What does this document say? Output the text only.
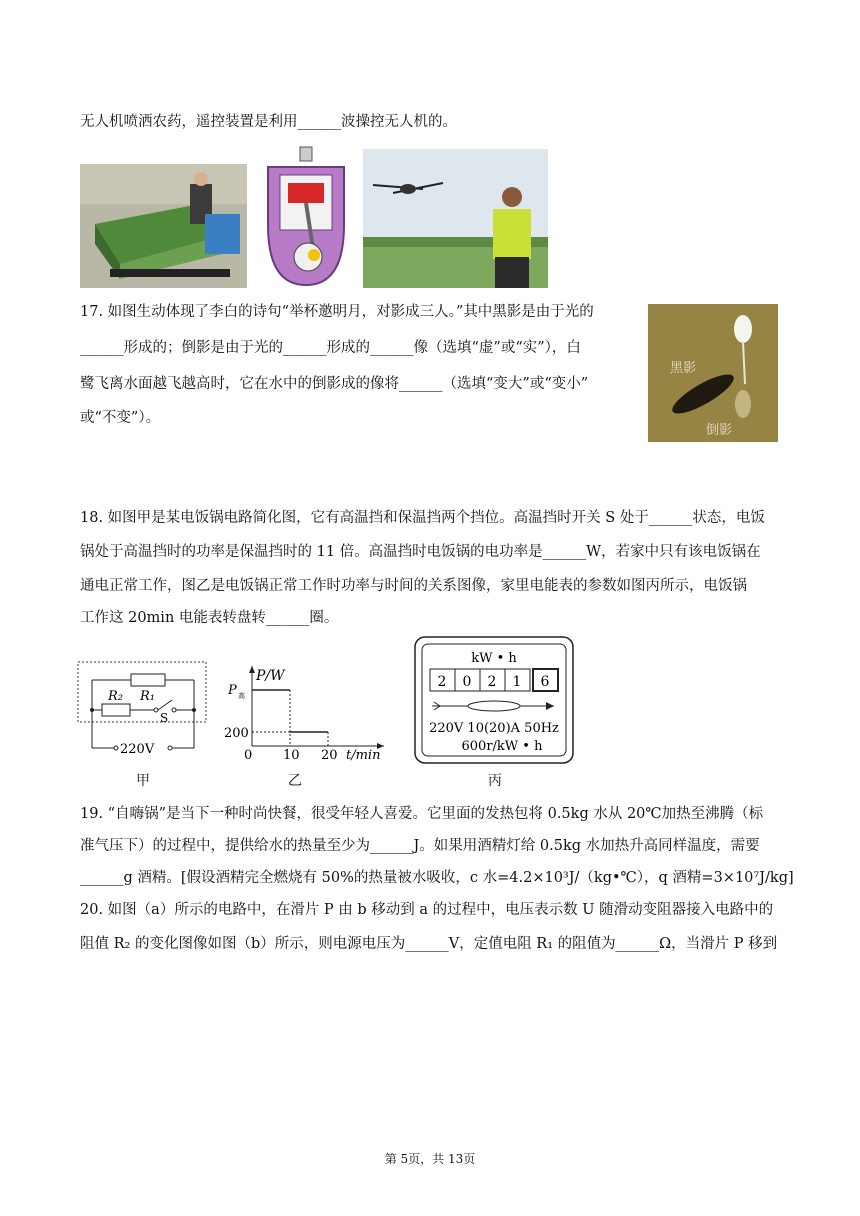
无人机喷洒农药，遥控装置是利用______波操控无人机的。
17. 如图生动体现了李白的诗句“举杯邀明月，对影成三人。”其中黑影是由于光的
______形成的；倒影是由于光的______形成的______像（选填“虚”或“实”），白
鹭飞离水面越飞越高时，它在水中的倒影成的像将______（选填“变大”或“变小”
或“不变”）。
黑影
倒影
18. 如图甲是某电饭锅电路简化图，它有高温挡和保温挡两个挡位。高温挡时开关 S 处于______状态，电饭
锅处于高温挡时的功率是保温挡时的 11 倍。高温挡时电饭锅的电功率是______W，若家中只有该电饭锅在
通电正常工作，图乙是电饭锅正常工作时功率与时间的关系图像，家里电能表的参数如图丙所示，电饭锅
工作这 20min 电能表转盘转______圈。
R₂ R₁
S
220V
甲
P/W
P 高
200
0 10 20 t/min
乙
kW • h
2 0 2 1 6
220V 10(20)A 50Hz
600r/kW • h
丙
19. “自嗨锅”是当下一种时尚快餐，很受年轻人喜爱。它里面的发热包将 0.5kg 水从 20℃加热至沸腾（标
准气压下）的过程中，提供给水的热量至少为______J。如果用酒精灯给 0.5kg 水加热升高同样温度，需要
______g 酒精。[假设酒精完全燃烧有 50%的热量被水吸收，c 水=4.2×10³J/（kg•℃），q 酒精=3×10⁷J/kg]
20. 如图（a）所示的电路中，在滑片 P 由 b 移动到 a 的过程中，电压表示数 U 随滑动变阻器接入电路中的
阻值 R₂ 的变化图像如图（b）所示，则电源电压为______V，定值电阻 R₁ 的阻值为______Ω，当滑片 P 移到
第 5页，共 13页
